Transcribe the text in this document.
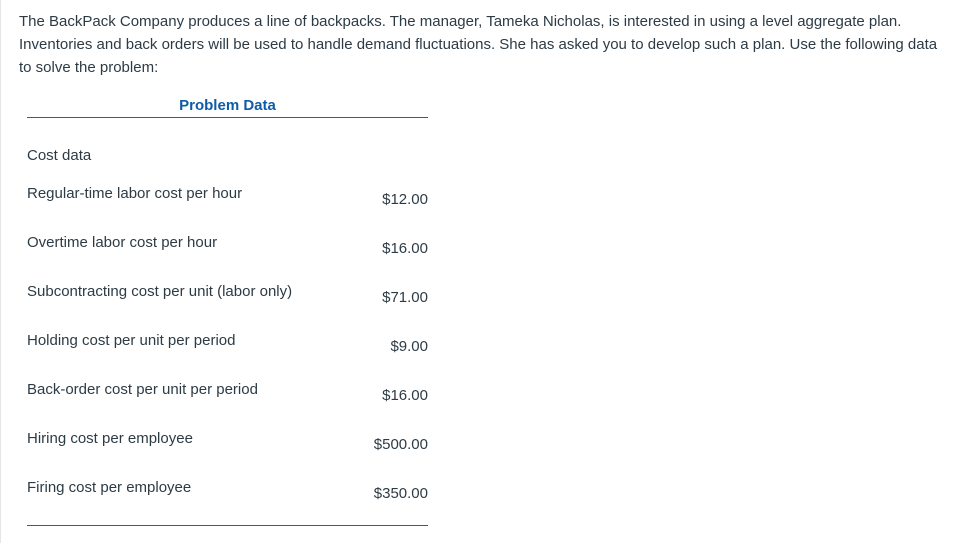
The BackPack Company produces a line of backpacks. The manager, Tameka Nicholas, is interested in using a level aggregate plan. Inventories and back orders will be used to handle demand fluctuations. She has asked you to develop such a plan. Use the following data to solve the problem:

Problem Data
Cost data
Regular-time labor cost per hour	$12.00
Overtime labor cost per hour	$16.00
Subcontracting cost per unit (labor only)	$71.00
Holding cost per unit per period	$9.00
Back-order cost per unit per period	$16.00
Hiring cost per employee	$500.00
Firing cost per employee	$350.00
